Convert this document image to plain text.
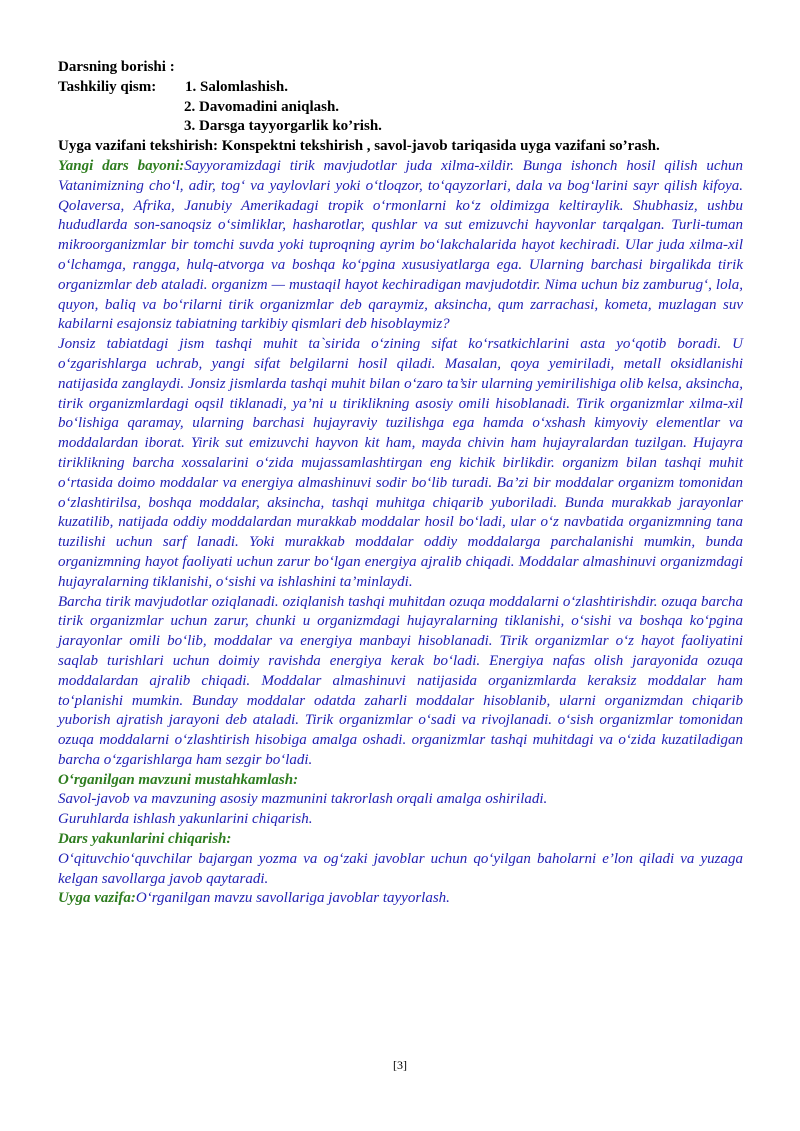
Darsning borishi :
Tashkiliy qism:	1. Salomlashish.
2. Davomadini aniqlash.
3. Darsga tayyorgarlik ko’rish.
Uyga vazifani tekshirish: Konspektni tekshirish , savol-javob tariqasida uyga vazifani so’rash.

Yangi dars bayoni:Sayyoramizdagi tirik mavjudotlar juda xilma-xildir. Bunga ishonch hosil qilish uchun Vatanimizning cho‘l, adir, tog‘ va yaylovlari yoki o‘tloqzor, to‘qayzorlari, dala va bog‘larini sayr qilish kifoya. Qolaversa, Afrika, Janubiy Amerikadagi tropik o‘rmonlarni ko‘z oldimizga keltiraylik. Shubhasiz, ushbu hududlarda son-sanoqsiz o‘simliklar, hasharotlar, qushlar va sut emizuvchi hayvonlar tarqalgan. Turli-tuman mikroorganizmlar bir tomchi suvda yoki tuproqning ayrim bo‘lakchalarida hayot kechiradi. Ular juda xilma-xil o‘lchamga, rangga, hulq-atvorga va boshqa ko‘pgina xususiyatlarga ega. Ularning barchasi birgalikda tirik organizmlar deb ataladi. organizm — mustaqil hayot kechiradigan mavjudotdir. Nima uchun biz zamburug‘, lola, quyon, baliq va bo‘rilarni tirik organizmlar deb qaraymiz, aksincha, qum zarrachasi, kometa, muzlagan suv kabilarni esajonsiz tabiatning tarkibiy qismlari deb hisoblaymiz?

Jonsiz tabiatdagi jism tashqi muhit ta`sirida o‘zining sifat ko‘rsatkichlarini asta yo‘qotib boradi. U o‘zgarishlarga uchrab, yangi sifat belgilarni hosil qiladi. Masalan, qoya yemiriladi, metall oksidlanishi natijasida zanglaydi. Jonsiz jismlarda tashqi muhit bilan o‘zaro ta’sir ularning yemirilishiga olib kelsa, aksincha, tirik organizmlardagi oqsil tiklanadi, ya’ni u tiriklikning asosiy omili hisoblanadi. Tirik organizmlar xilma-xil bo‘lishiga qaramay, ularning barchasi hujayraviy tuzilishga ega hamda o‘xshash kimyoviy elementlar va moddalardan iborat. Yirik sut emizuvchi hayvon kit ham, mayda chivin ham hujayralardan tuzilgan. Hujayra tiriklikning barcha xossalarini o‘zida mujassamlashtirgan eng kichik birlikdir. organizm bilan tashqi muhit o‘rtasida doimo moddalar va energiya almashinuvi sodir bo‘lib turadi. Ba’zi bir moddalar organizm tomonidan o‘zlashtirilsa, boshqa moddalar, aksincha, tashqi muhitga chiqarib yuboriladi. Bunda murakkab jarayonlar kuzatilib, natijada oddiy moddalardan murakkab moddalar hosil bo‘ladi, ular o‘z navbatida organizmning tana tuzilishi uchun sarf lanadi. Yoki murakkab moddalar oddiy moddalarga parchalanishi mumkin, bunda organizmning hayot faoliyati uchun zarur bo‘lgan energiya ajralib chiqadi. Moddalar almashinuvi organizmdagi hujayralarning tiklanishi, o‘sishi va ishlashini ta’minlaydi.

Barcha tirik mavjudotlar oziqlanadi. oziqlanish tashqi muhitdan ozuqa moddalarni o‘zlashtirishdir. ozuqa barcha tirik organizmlar uchun zarur, chunki u organizmdagi hujayralarning tiklanishi, o‘sishi va boshqa ko‘pgina jarayonlar omili bo‘lib, moddalar va energiya manbayi hisoblanadi. Tirik organizmlar o‘z hayot faoliyatini saqlab turishlari uchun doimiy ravishda energiya kerak bo‘ladi. Energiya nafas olish jarayonida ozuqa moddalardan ajralib chiqadi. Moddalar almashinuvi natijasida organizmlarda keraksiz moddalar ham to‘planishi mumkin. Bunday moddalar odatda zaharli moddalar hisoblanib, ularni organizmdan chiqarib yuborish ajratish jarayoni deb ataladi. Tirik organizmlar o‘sadi va rivojlanadi. o‘sish organizmlar tomonidan ozuqa moddalarni o‘zlashtirish hisobiga amalga oshadi. organizmlar tashqi muhitdagi va o‘zida kuzatiladigan barcha o‘zgarishlarga ham sezgir bo‘ladi.

O‘rganilgan mavzuni mustahkamlash:
Savol-javob va mavzuning asosiy mazmunini takrorlash orqali amalga oshiriladi.
Guruhlarda ishlash yakunlarini chiqarish.
Dars yakunlarini chiqarish:
O‘qituvchio‘quvchilar bajargan yozma va og‘zaki javoblar uchun qo‘yilgan baholarni e’lon qiladi va yuzaga kelgan savollarga javob qaytaradi.
Uyga vazifa:O‘rganilgan mavzu savollariga javoblar tayyorlash.
[3]
